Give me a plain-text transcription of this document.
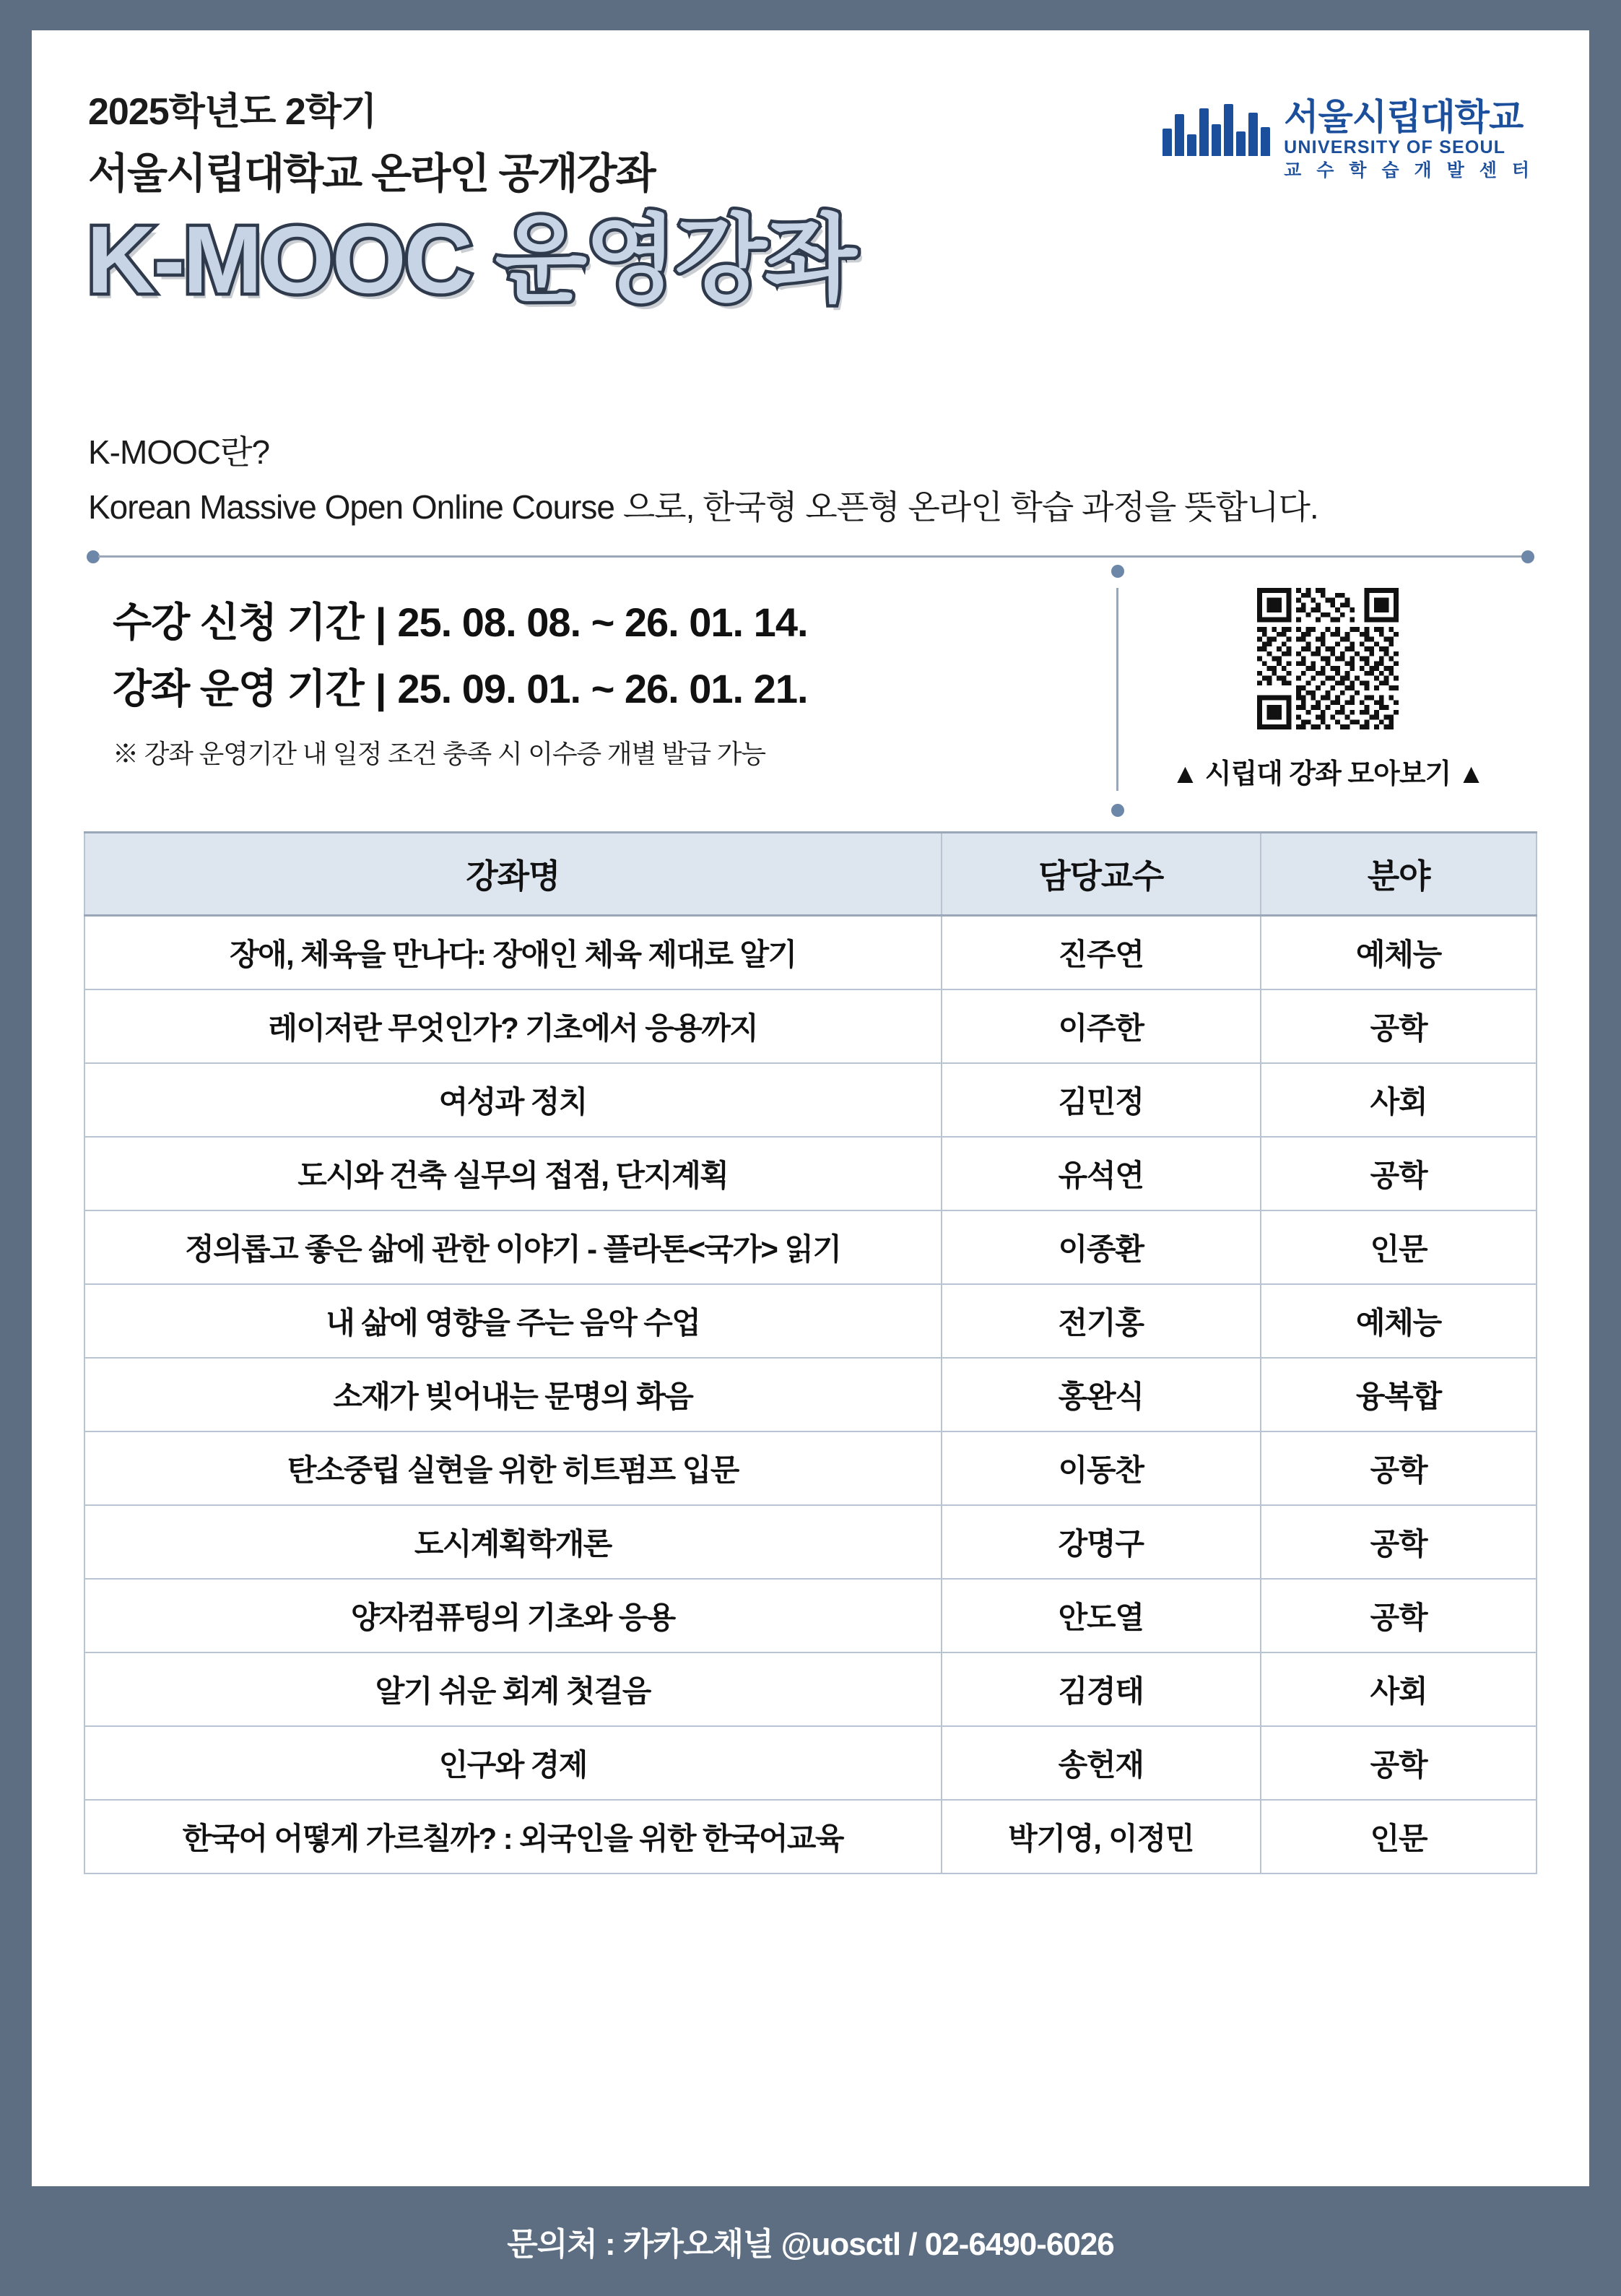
2025학년도 2학기
서울시립대학교 온라인 공개강좌
K-MOOC 운영강좌
서울시립대학교
UNIVERSITY OF SEOUL
교 수 학 습 개 발 센 터
K-MOOC란?
Korean Massive Open Online Course 으로, 한국형 오픈형 온라인 학습 과정을 뜻합니다.
수강 신청 기간 | 25. 08. 08. ~ 26. 01. 14.
강좌 운영 기간 | 25. 09. 01. ~ 26. 01. 21.
※ 강좌 운영기간 내 일정 조건 충족 시 이수증 개별 발급 가능
▲ 시립대 강좌 모아보기 ▲
강좌명	담당교수	분야
장애, 체육을 만나다: 장애인 체육 제대로 알기	진주연	예체능
레이저란 무엇인가? 기초에서 응용까지	이주한	공학
여성과 정치	김민정	사회
도시와 건축 실무의 접점, 단지계획	유석연	공학
정의롭고 좋은 삶에 관한 이야기 - 플라톤<국가> 읽기	이종환	인문
내 삶에 영향을 주는 음악 수업	전기홍	예체능
소재가 빚어내는 문명의 화음	홍완식	융복합
탄소중립 실현을 위한 히트펌프 입문	이동찬	공학
도시계획학개론	강명구	공학
양자컴퓨팅의 기초와 응용	안도열	공학
알기 쉬운 회계 첫걸음	김경태	사회
인구와 경제	송헌재	공학
한국어 어떻게 가르칠까? : 외국인을 위한 한국어교육	박기영, 이정민	인문
문의처 : 카카오채널 @uosctl / 02-6490-6026
